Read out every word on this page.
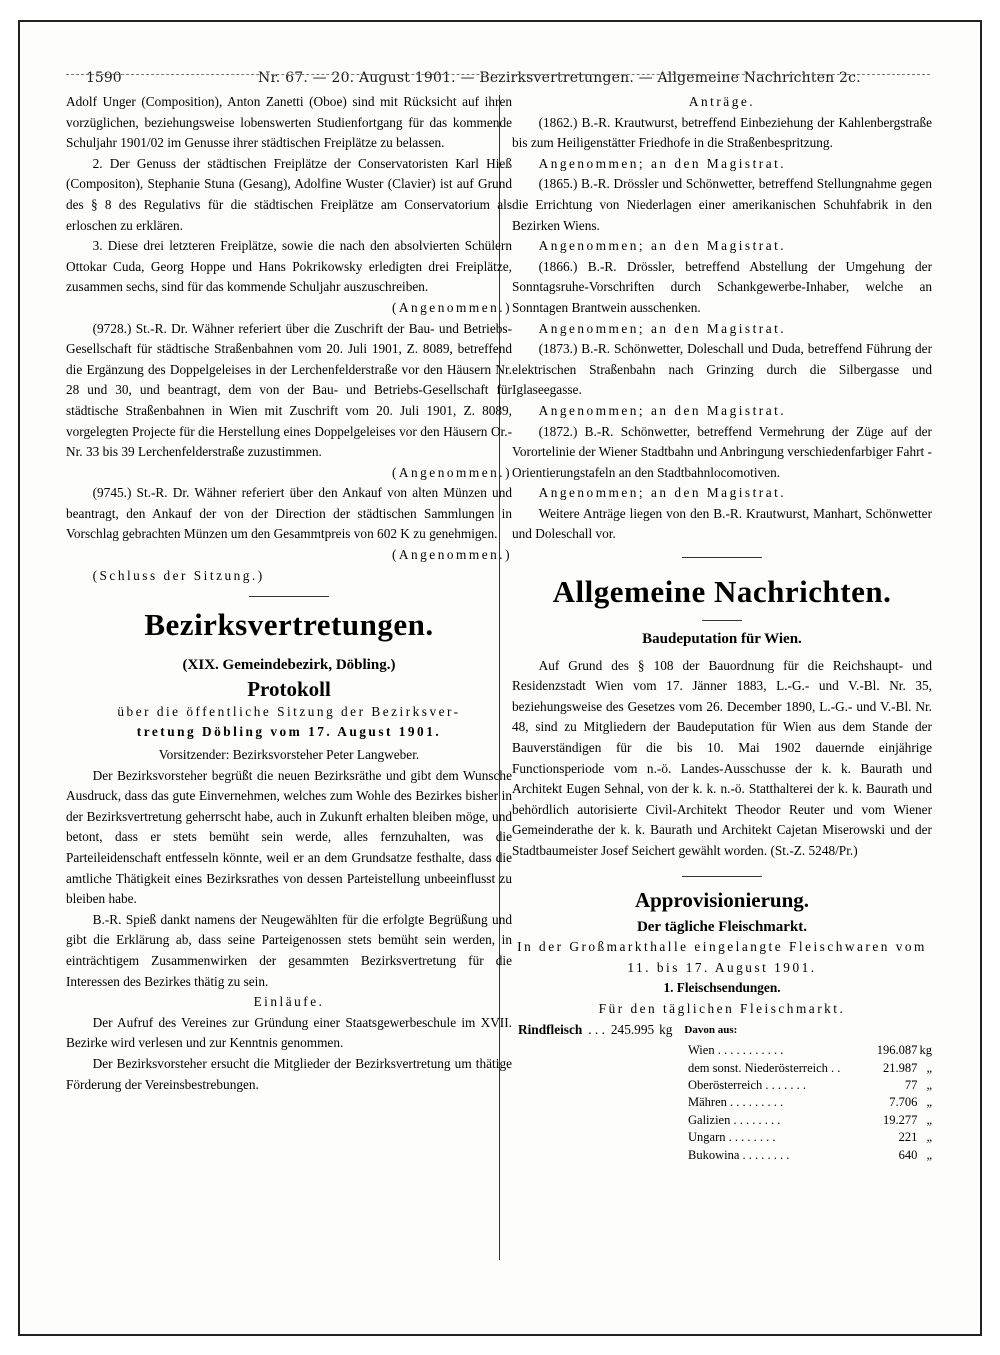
1590	Nr. 67. — 20. August 1901. — Bezirksvertretungen. — Allgemeine Nachrichten 2c.

Adolf Unger (Composition), Anton Zanetti (Oboe) sind mit Rücksicht auf ihren vorzüglichen, beziehungsweise lobenswerten Studienfortgang für das kommende Schuljahr 1901/02 im Genusse ihrer städtischen Freiplätze zu belassen.

2. Der Genuss der städtischen Freiplätze der Conservatoristen Karl Hieß (Compositon), Stephanie Stuna (Gesang), Adolfine Wuster (Clavier) ist auf Grund des § 8 des Regulativs für die städtischen Freiplätze am Conservatorium als erloschen zu erklären.

3. Diese drei letzteren Freiplätze, sowie die nach den absolvierten Schülern Ottokar Cuda, Georg Hoppe und Hans Pokrikowsky erledigten drei Freiplätze, zusammen sechs, sind für das kommende Schuljahr auszuschreiben.

(Angenommen.)

(9728.) St.-R. Dr. Wähner referiert über die Zuschrift der Bau- und Betriebs-Gesellschaft für städtische Straßenbahnen vom 20. Juli 1901, Z. 8089, betreffend die Ergänzung des Doppelgeleises in der Lerchenfelderstraße vor den Häusern Nr. 28 und 30, und beantragt, dem von der Bau- und Betriebs-Gesellschaft für städtische Straßenbahnen in Wien mit Zuschrift vom 20. Juli 1901, Z. 8089, vorgelegten Projecte für die Herstellung eines Doppelgeleises vor den Häusern Or.-Nr. 33 bis 39 Lerchenfelderstraße zuzustimmen.

(Angenommen.)

(9745.) St.-R. Dr. Wähner referiert über den Ankauf von alten Münzen und beantragt, den Ankauf der von der Direction der städtischen Sammlungen in Vorschlag gebrachten Münzen um den Gesammtpreis von 602 K zu genehmigen.

(Angenommen.)

(Schluss der Sitzung.)

Bezirksvertretungen.

(XIX. Gemeindebezirk, Döbling.)

Protokoll

über die öffentliche Sitzung der Bezirksver-

tretung Döbling vom 17. August 1901.

Vorsitzender: Bezirksvorsteher Peter Langweber.

Der Bezirksvorsteher begrüßt die neuen Bezirksräthe und gibt dem Wunsche Ausdruck, dass das gute Einvernehmen, welches zum Wohle des Bezirkes bisher in der Bezirksvertretung geherrscht habe, auch in Zukunft erhalten bleiben möge, und betont, dass er stets bemüht sein werde, alles fernzuhalten, was die Parteileidenschaft entfesseln könnte, weil er an dem Grundsatze festhalte, dass die amtliche Thätigkeit eines Bezirksrathes von dessen Parteistellung unbeeinflusst zu bleiben habe.

B.-R. Spieß dankt namens der Neugewählten für die erfolgte Begrüßung und gibt die Erklärung ab, dass seine Parteigenossen stets bemüht sein werden, in einträchtigem Zusammenwirken der gesammten Bezirksvertretung für die Interessen des Bezirkes thätig zu sein.

Einläufe.

Der Aufruf des Vereines zur Gründung einer Staatsgewerbeschule im XVII. Bezirke wird verlesen und zur Kenntnis genommen.

Der Bezirksvorsteher ersucht die Mitglieder der Bezirksvertretung um thätige Förderung der Vereinsbestrebungen.

Anträge.

(1862.) B.-R. Krautwurst, betreffend Einbeziehung der Kahlenbergstraße bis zum Heiligenstätter Friedhofe in die Straßenbespritzung.

Angenommen; an den Magistrat.

(1865.) B.-R. Drössler und Schönwetter, betreffend Stellungnahme gegen die Errichtung von Niederlagen einer amerikanischen Schuhfabrik in den Bezirken Wiens.

Angenommen; an den Magistrat.

(1866.) B.-R. Drössler, betreffend Abstellung der Umgehung der Sonntagsruhe-Vorschriften durch Schankgewerbe-Inhaber, welche an Sonntagen Brantwein ausschenken.

Angenommen; an den Magistrat.

(1873.) B.-R. Schönwetter, Doleschall und Duda, betreffend Führung der elektrischen Straßenbahn nach Grinzing durch die Silbergasse und Iglaseegasse.

Angenommen; an den Magistrat.

(1872.) B.-R. Schönwetter, betreffend Vermehrung der Züge auf der Vorortelinie der Wiener Stadtbahn und Anbringung verschiedenfarbiger Fahrt - Orientierungstafeln an den Stadtbahnlocomotiven.

Angenommen; an den Magistrat.

Weitere Anträge liegen von den B.-R. Krautwurst, Manhart, Schönwetter und Doleschall vor.

Allgemeine Nachrichten.

Baudeputation für Wien.

Auf Grund des § 108 der Bauordnung für die Reichshaupt- und Residenzstadt Wien vom 17. Jänner 1883, L.-G.- und V.-Bl. Nr. 35, beziehungsweise des Gesetzes vom 26. December 1890, L.-G.- und V.-Bl. Nr. 48, sind zu Mitgliedern der Baudeputation für Wien aus dem Stande der Bauverständigen für die bis 10. Mai 1902 dauernde einjährige Functionsperiode vom n.-ö. Landes-Ausschusse der k. k. Baurath und Architekt Eugen Sehnal, von der k. k. n.-ö. Statthalterei der k. k. Baurath und behördlich autorisierte Civil-Architekt Theodor Reuter und vom Wiener Gemeinderathe der k. k. Baurath und Architekt Cajetan Miserowski und der Stadtbaumeister Josef Seichert gewählt worden. (St.-Z. 5248/Pr.)

Approvisionierung.

Der tägliche Fleischmarkt.

In der Großmarkthalle eingelangte Fleischwaren vom 11. bis 17. August 1901.

1. Fleischsendungen.

Für den täglichen Fleischmarkt.

Rindfleisch . . . 245.995 kg Davon aus:
Wien . . . . . . . . . . .	196.087 kg
dem sonst. Niederösterreich . .	21.987 „
Oberösterreich . . . . . . .	77 „
Mähren . . . . . . . . .	7.706 „
Galizien . . . . . . . .	19.277 „
Ungarn . . . . . . . .	221 „
Bukowina . . . . . . . .	640 „
